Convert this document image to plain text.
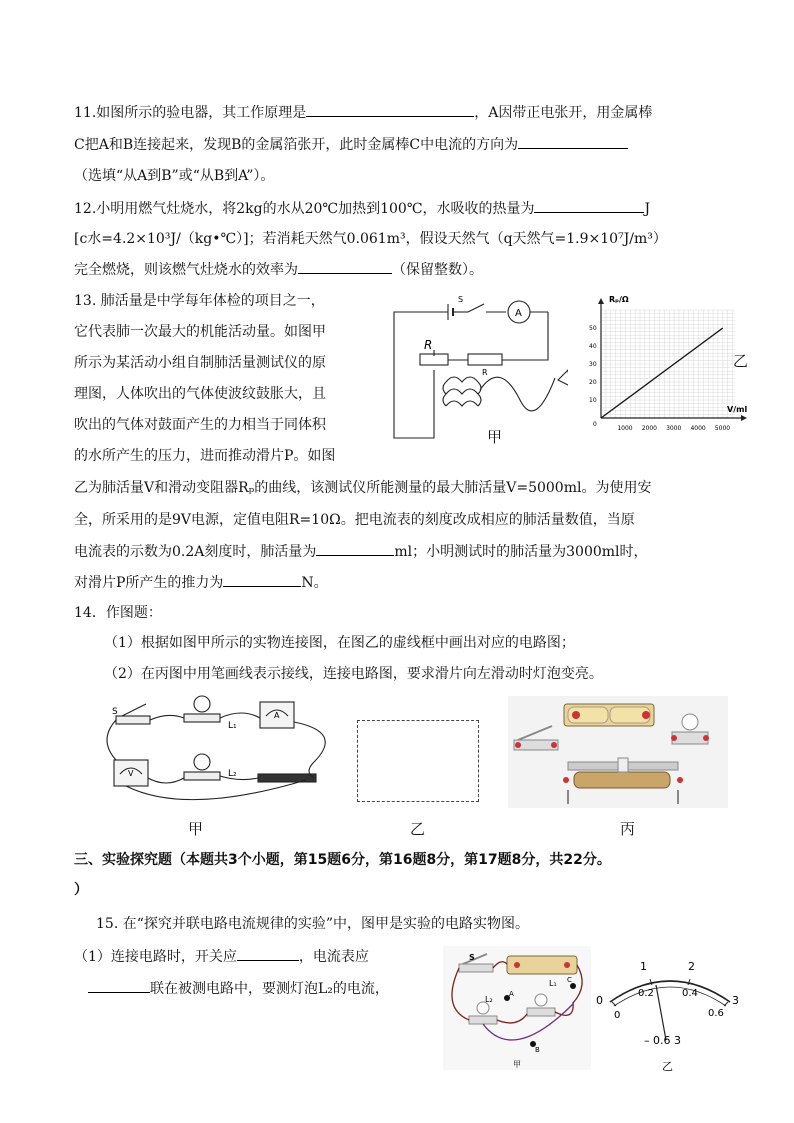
11.如图所示的验电器，其工作原理是	，A因带正电张开，用金属棒
C把A和B连接起来，发现B的金属箔张开，此时金属棒C中电流的方向为
（选填“从A到B”或“从B到A”）。
12.小明用燃气灶烧水，将2kg的水从20℃加热到100℃，水吸收的热量为	J
[c水=4.2×10³J/（kg•℃）]；若消耗天然气0.061m³，假设天然气（q天然气=1.9×10⁷J/m³）
完全燃烧，则该燃气灶烧水的效率为	（保留整数）。
13. 肺活量是中学每年体检的项目之一，
它代表肺一次最大的机能活动量。如图甲
所示为某活动小组自制肺活量测试仪的原
理图，人体吹出的气体使波纹鼓胀大，且
吹出的气体对鼓面产生的力相当于同体积
的水所产生的压力，进而推动滑片P。如图
乙为肺活量V和滑动变阻器Rₚ的曲线，该测试仪所能测量的最大肺活量V=5000ml。为使用安
全，所采用的是9V电源，定值电阻R=10Ω。把电流表的刻度改成相应的肺活量数值，当原
电流表的示数为0.2A刻度时，肺活量为	ml；小明测试时的肺活量为3000ml时，
对滑片P所产生的推力为	N。
S
A
R
R
甲	1000 2000 3000 4000 5000
10
20
30
40
50
0
Rₚ/Ω
V/ml
乙
14．作图题：
（1）根据如图甲所示的实物连接图，在图乙的虚线框中画出对应的电路图；
（2）在丙图中用笔画线表示接线，连接电路图，要求滑片向左滑动时灯泡变亮。
S
L₁
L₂
A
V
甲	乙	丙
三、实验探究题（本题共3个小题，第15题6分，第16题8分，第17题8分，共22分。
）
15. 在“探究并联电路电流规律的实验”中，图甲是实验的电路实物图。
（1）连接电路时，开关应	，电流表应
联在被测电路中，要测灯泡L₂的电流，
S
L₁
L₂
A
B
C
甲
0
1	2
3
0
0.2	0.4
0.6
– 0.6 3
乙
